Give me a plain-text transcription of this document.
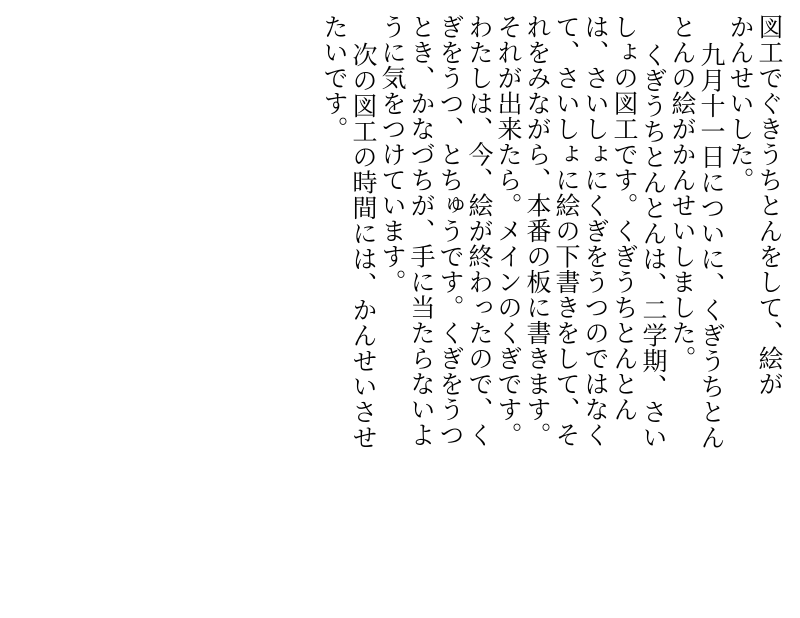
図工でぐきうちとんをして、絵が
かんせいした。
九月十一日についに、くぎうちとん
とんの絵がかんせいしました。
くぎうちとんとんは、二学期、さい
しょの図工です。くぎうちとんとん
は、さいしょにくぎをうつのではなく
て、さいしょに絵の下書きをして、そ
れをみながら、本番の板に書きます。
それが出来たら。メインのくぎです。
わたしは、今、絵が終わったので、く
ぎをうつ、とちゅうです。くぎをうつ
とき、かなづちが、手に当たらないよ
うに気をつけています。
次の図工の時間には、かんせいさせ
たいです。
